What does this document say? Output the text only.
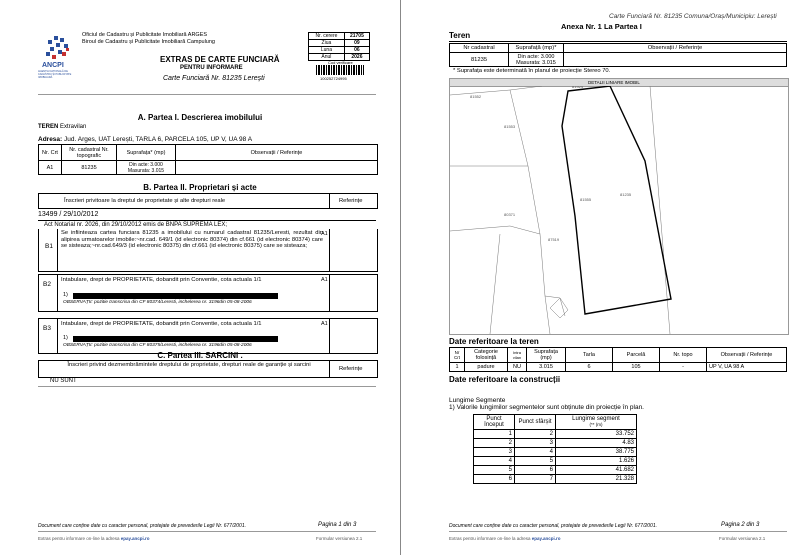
ANCPI
AGENȚIA NAȚIONALĂ DE CADASTRU ȘI PUBLICITATE IMOBILIARĂ
Oficiul de Cadastru și Publicitate Imobiliară ARGES
Biroul de Cadastru și Publicitate Imobiliară Campulung
Nr. cerere	21705
Ziua	09
Luna	06
Anul	2026
Cod verificare
100252724995
EXTRAS DE CARTE FUNCIARĂ
PENTRU INFORMARE
Carte Funciară Nr. 81235 Lerești
A. Partea I. Descrierea imobilului
TEREN Extravilan
Adresa: Jud. Arges, UAT Lerești, TARLA 6, PARCELA 105, UP V, UA 98 A
Nr. Crt	Nr. cadastral Nr. topografic	Suprafața* (mp)	Observații / Referințe
A1	81235	Din acte: 3.000
Masurata: 3.015	

B. Partea II. Proprietari și acte
Înscrieri privitoare la dreptul de proprietate și alte drepturi reale	Referințe
13499 / 29/10/2012
Act Notarial nr. 2026, din 29/10/2012 emis de BNPA SUPREMA LEX;
B1
Se infiinteaza cartea funciara 81235 a imobilului cu numarul cadastral 81235/Leresti, rezultat din alipirea urmatoarelor imobile:~nr.cad. 649/1 (id electronic 80374) din cf.661 (id electronic 80374) care se sisteaza;~nr.cad.649/3 (id electronic 80375) din cf.661 (id electronic 80375) care se sisteaza;
A1
B2
Intabulare, drept de PROPRIETATE, dobandit prin Conventie, cota actuala 1/1
1)
OBSERVAȚII: pozitie transcrisa din CF 80374/Leresti, inchelerea nr. 3196din 05-08-2006
A1
B3
Intabulare, drept de PROPRIETATE, dobandit prin Conventie, cota actuala 1/1
1)
OBSERVAȚII: pozitie transcrisa din CF 80375/Leresti, inchelerea nr. 3196din 05-08-2006
A1
C. Partea III. SARCINI .
Înscrieri privind dezmembrămintele dreptului de proprietate, drepturi reale de garanție și sarcini
Referințe
NU SUNT
Document care conține date cu caracter personal, protejate de prevederile Legii Nr. 677/2001.	Pagina 1 din 3
Extras pentru informare on-line la adresa epay.ancpi.ro	Formular versiunea 2.1
Carte Funciară Nr. 81235 Comuna/Oraș/Municipiu: Lerești
Anexa Nr. 1 La Partea I
Teren
Nr cadastral	Suprafață (mp)*	Observații / Referințe
81235	Din acte: 3.000
Masurata: 3.015	

* Suprafața este determinată în planul de proiecție Stereo 70.
DETALII LINIARE IMOBIL
81552
81924
81553
81555
81235
80371
87519
Date referitoare la teren
Nr Crt	Categorie folosință	Intra vilan	Suprafața (mp)	Tarla	Parcelă	Nr. topo	Observații / Referințe
1	padure	NU	3.015	6	105	-	UP V, UA 98 A
Date referitoare la construcții
Lungime Segmente
1) Valorile lungimilor segmentelor sunt obținute din proiecție în plan.
Punct început	Punct sfârșit	Lungime segment
(** (m)

1	2	33.752
2	3	4.83
3	4	38.775
4	5	1.626
5	6	41.682
6	7	21.328
Document care conține date cu caracter personal, protejate de prevederile Legii Nr. 677/2001.	Pagina 2 din 3
Extras pentru informare on-line la adresa epay.ancpi.ro	Formular versiunea 2.1
